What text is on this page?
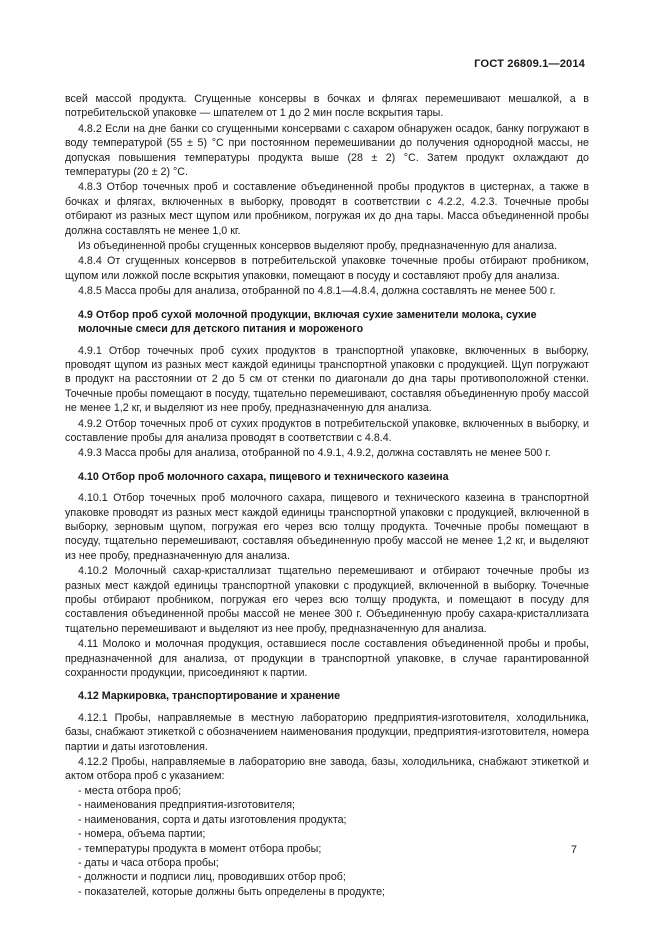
ГОСТ 26809.1—2014

всей массой продукта. Сгущенные консервы в бочках и флягах перемешивают мешалкой, а в потребительской упаковке — шпателем от 1 до 2 мин после вскрытия тары.

4.8.2 Если на дне банки со сгущенными консервами с сахаром обнаружен осадок, банку погружают в воду температурой (55 ± 5) °С при постоянном перемешивании до получения однородной массы, не допуская повышения температуры продукта выше (28 ± 2) °С. Затем продукт охлаждают до температуры (20 ± 2) °С.

4.8.3 Отбор точечных проб и составление объединенной пробы продуктов в цистернах, а также в бочках и флягах, включенных в выборку, проводят в соответствии с 4.2.2, 4.2.3. Точечные пробы отбирают из разных мест щупом или пробником, погружая их до дна тары. Масса объединенной пробы должна составлять не менее 1,0 кг.

Из объединенной пробы сгущенных консервов выделяют пробу, предназначенную для анализа.

4.8.4 От сгущенных консервов в потребительской упаковке точечные пробы отбирают пробником, щупом или ложкой после вскрытия упаковки, помещают в посуду и составляют пробу для анализа.

4.8.5 Масса пробы для анализа, отобранной по 4.8.1—4.8.4, должна составлять не менее 500 г.

4.9 Отбор проб сухой молочной продукции, включая сухие заменители молока, сухие молочные смеси для детского питания и мороженого

4.9.1 Отбор точечных проб сухих продуктов в транспортной упаковке, включенных в выборку, проводят щупом из разных мест каждой единицы транспортной упаковки с продукцией. Щуп погружают в продукт на расстоянии от 2 до 5 см от стенки по диагонали до дна тары противоположной стенки. Точечные пробы помещают в посуду, тщательно перемешивают, составляя объединенную пробу массой не менее 1,2 кг, и выделяют из нее пробу, предназначенную для анализа.

4.9.2 Отбор точечных проб от сухих продуктов в потребительской упаковке, включенных в выборку, и составление пробы для анализа проводят в соответствии с 4.8.4.

4.9.3 Масса пробы для анализа, отобранной по 4.9.1, 4.9.2, должна составлять не менее 500 г.

4.10 Отбор проб молочного сахара, пищевого и технического казеина

4.10.1 Отбор точечных проб молочного сахара, пищевого и технического казеина в транспортной упаковке проводят из разных мест каждой единицы транспортной упаковки с продукцией, включенной в выборку, зерновым щупом, погружая его через всю толщу продукта. Точечные пробы помещают в посуду, тщательно перемешивают, составляя объединенную пробу массой не менее 1,2 кг, и выделяют из нее пробу, предназначенную для анализа.

4.10.2 Молочный сахар-кристаллизат тщательно перемешивают и отбирают точечные пробы из разных мест каждой единицы транспортной упаковки с продукцией, включенной в выборку. Точечные пробы отбирают пробником, погружая его через всю толщу продукта, и помещают в посуду для составления объединенной пробы массой не менее 300 г. Объединенную пробу сахара-кристаллизата тщательно перемешивают и выделяют из нее пробу, предназначенную для анализа.

4.11 Молоко и молочная продукция, оставшиеся после составления объединенной пробы и пробы, предназначенной для анализа, от продукции в транспортной упаковке, в случае гарантированной сохранности продукции, присоединяют к партии.

4.12 Маркировка, транспортирование и хранение

4.12.1 Пробы, направляемые в местную лабораторию предприятия-изготовителя, холодильника, базы, снабжают этикеткой с обозначением наименования продукции, предприятия-изготовителя, номера партии и даты изготовления.

4.12.2 Пробы, направляемые в лабораторию вне завода, базы, холодильника, снабжают этикеткой и актом отбора проб с указанием:

- места отбора проб;

- наименования предприятия-изготовителя;

- наименования, сорта и даты изготовления продукта;

- номера, объема партии;

- температуры продукта в момент отбора пробы;

- даты и часа отбора пробы;

- должности и подписи лиц, проводивших отбор проб;

- показателей, которые должны быть определены в продукте;

7
